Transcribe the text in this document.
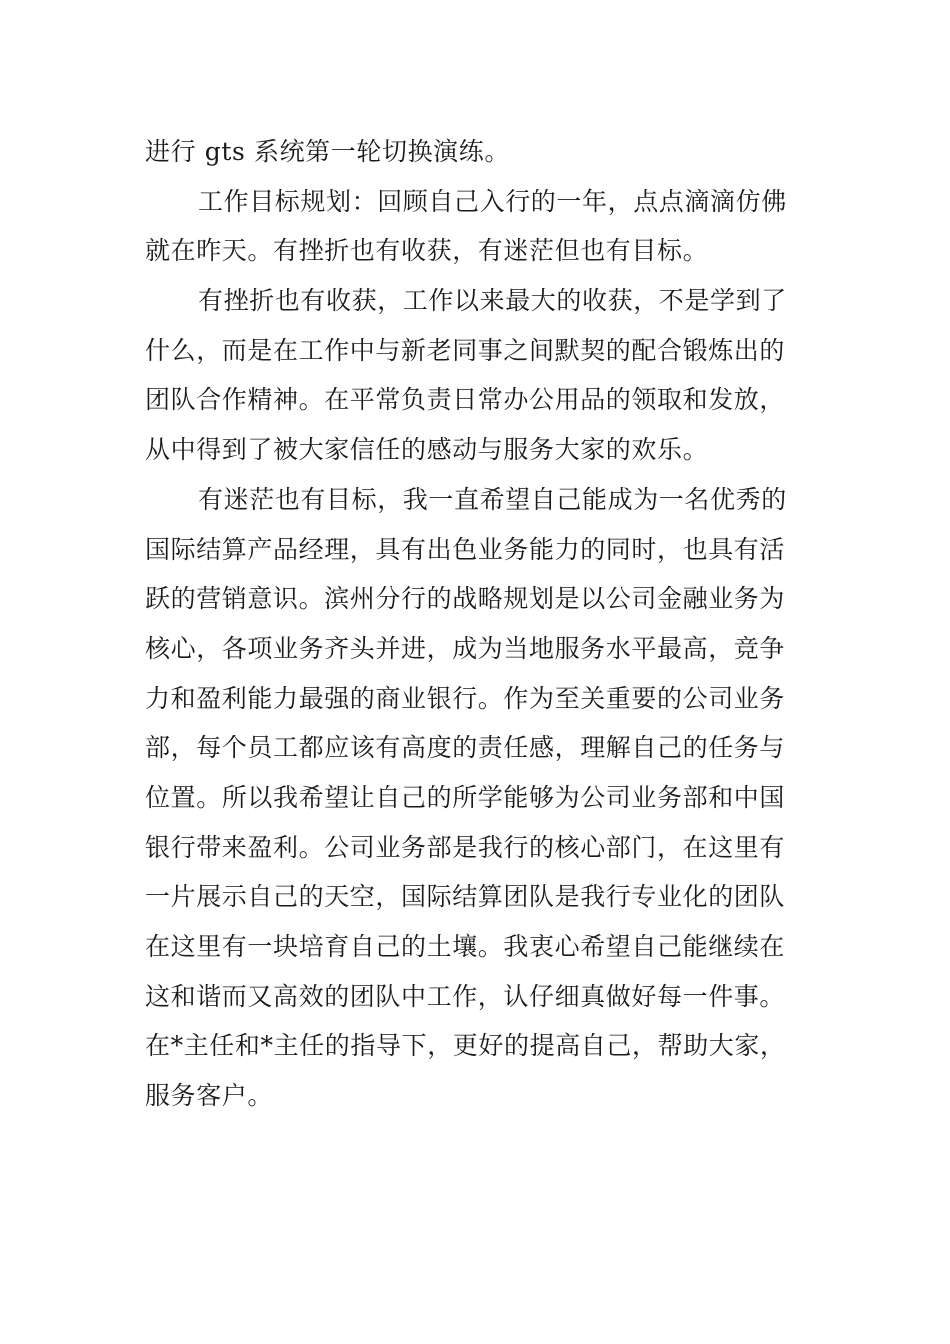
进行 gts 系统第一轮切换演练。
工作目标规划：回顾自己入行的一年，点点滴滴仿佛
就在昨天。有挫折也有收获，有迷茫但也有目标。
有挫折也有收获，工作以来最大的收获，不是学到了
什么，而是在工作中与新老同事之间默契的配合锻炼出的
团队合作精神。在平常负责日常办公用品的领取和发放，
从中得到了被大家信任的感动与服务大家的欢乐。
有迷茫也有目标，我一直希望自己能成为一名优秀的
国际结算产品经理，具有出色业务能力的同时，也具有活
跃的营销意识。滨州分行的战略规划是以公司金融业务为
核心，各项业务齐头并进，成为当地服务水平最高，竞争
力和盈利能力最强的商业银行。作为至关重要的公司业务
部，每个员工都应该有高度的责任感，理解自己的任务与
位置。所以我希望让自己的所学能够为公司业务部和中国
银行带来盈利。公司业务部是我行的核心部门，在这里有
一片展示自己的天空，国际结算团队是我行专业化的团队
在这里有一块培育自己的土壤。我衷心希望自己能继续在
这和谐而又高效的团队中工作，认仔细真做好每一件事。
在*主任和*主任的指导下，更好的提高自己，帮助大家，
服务客户。
